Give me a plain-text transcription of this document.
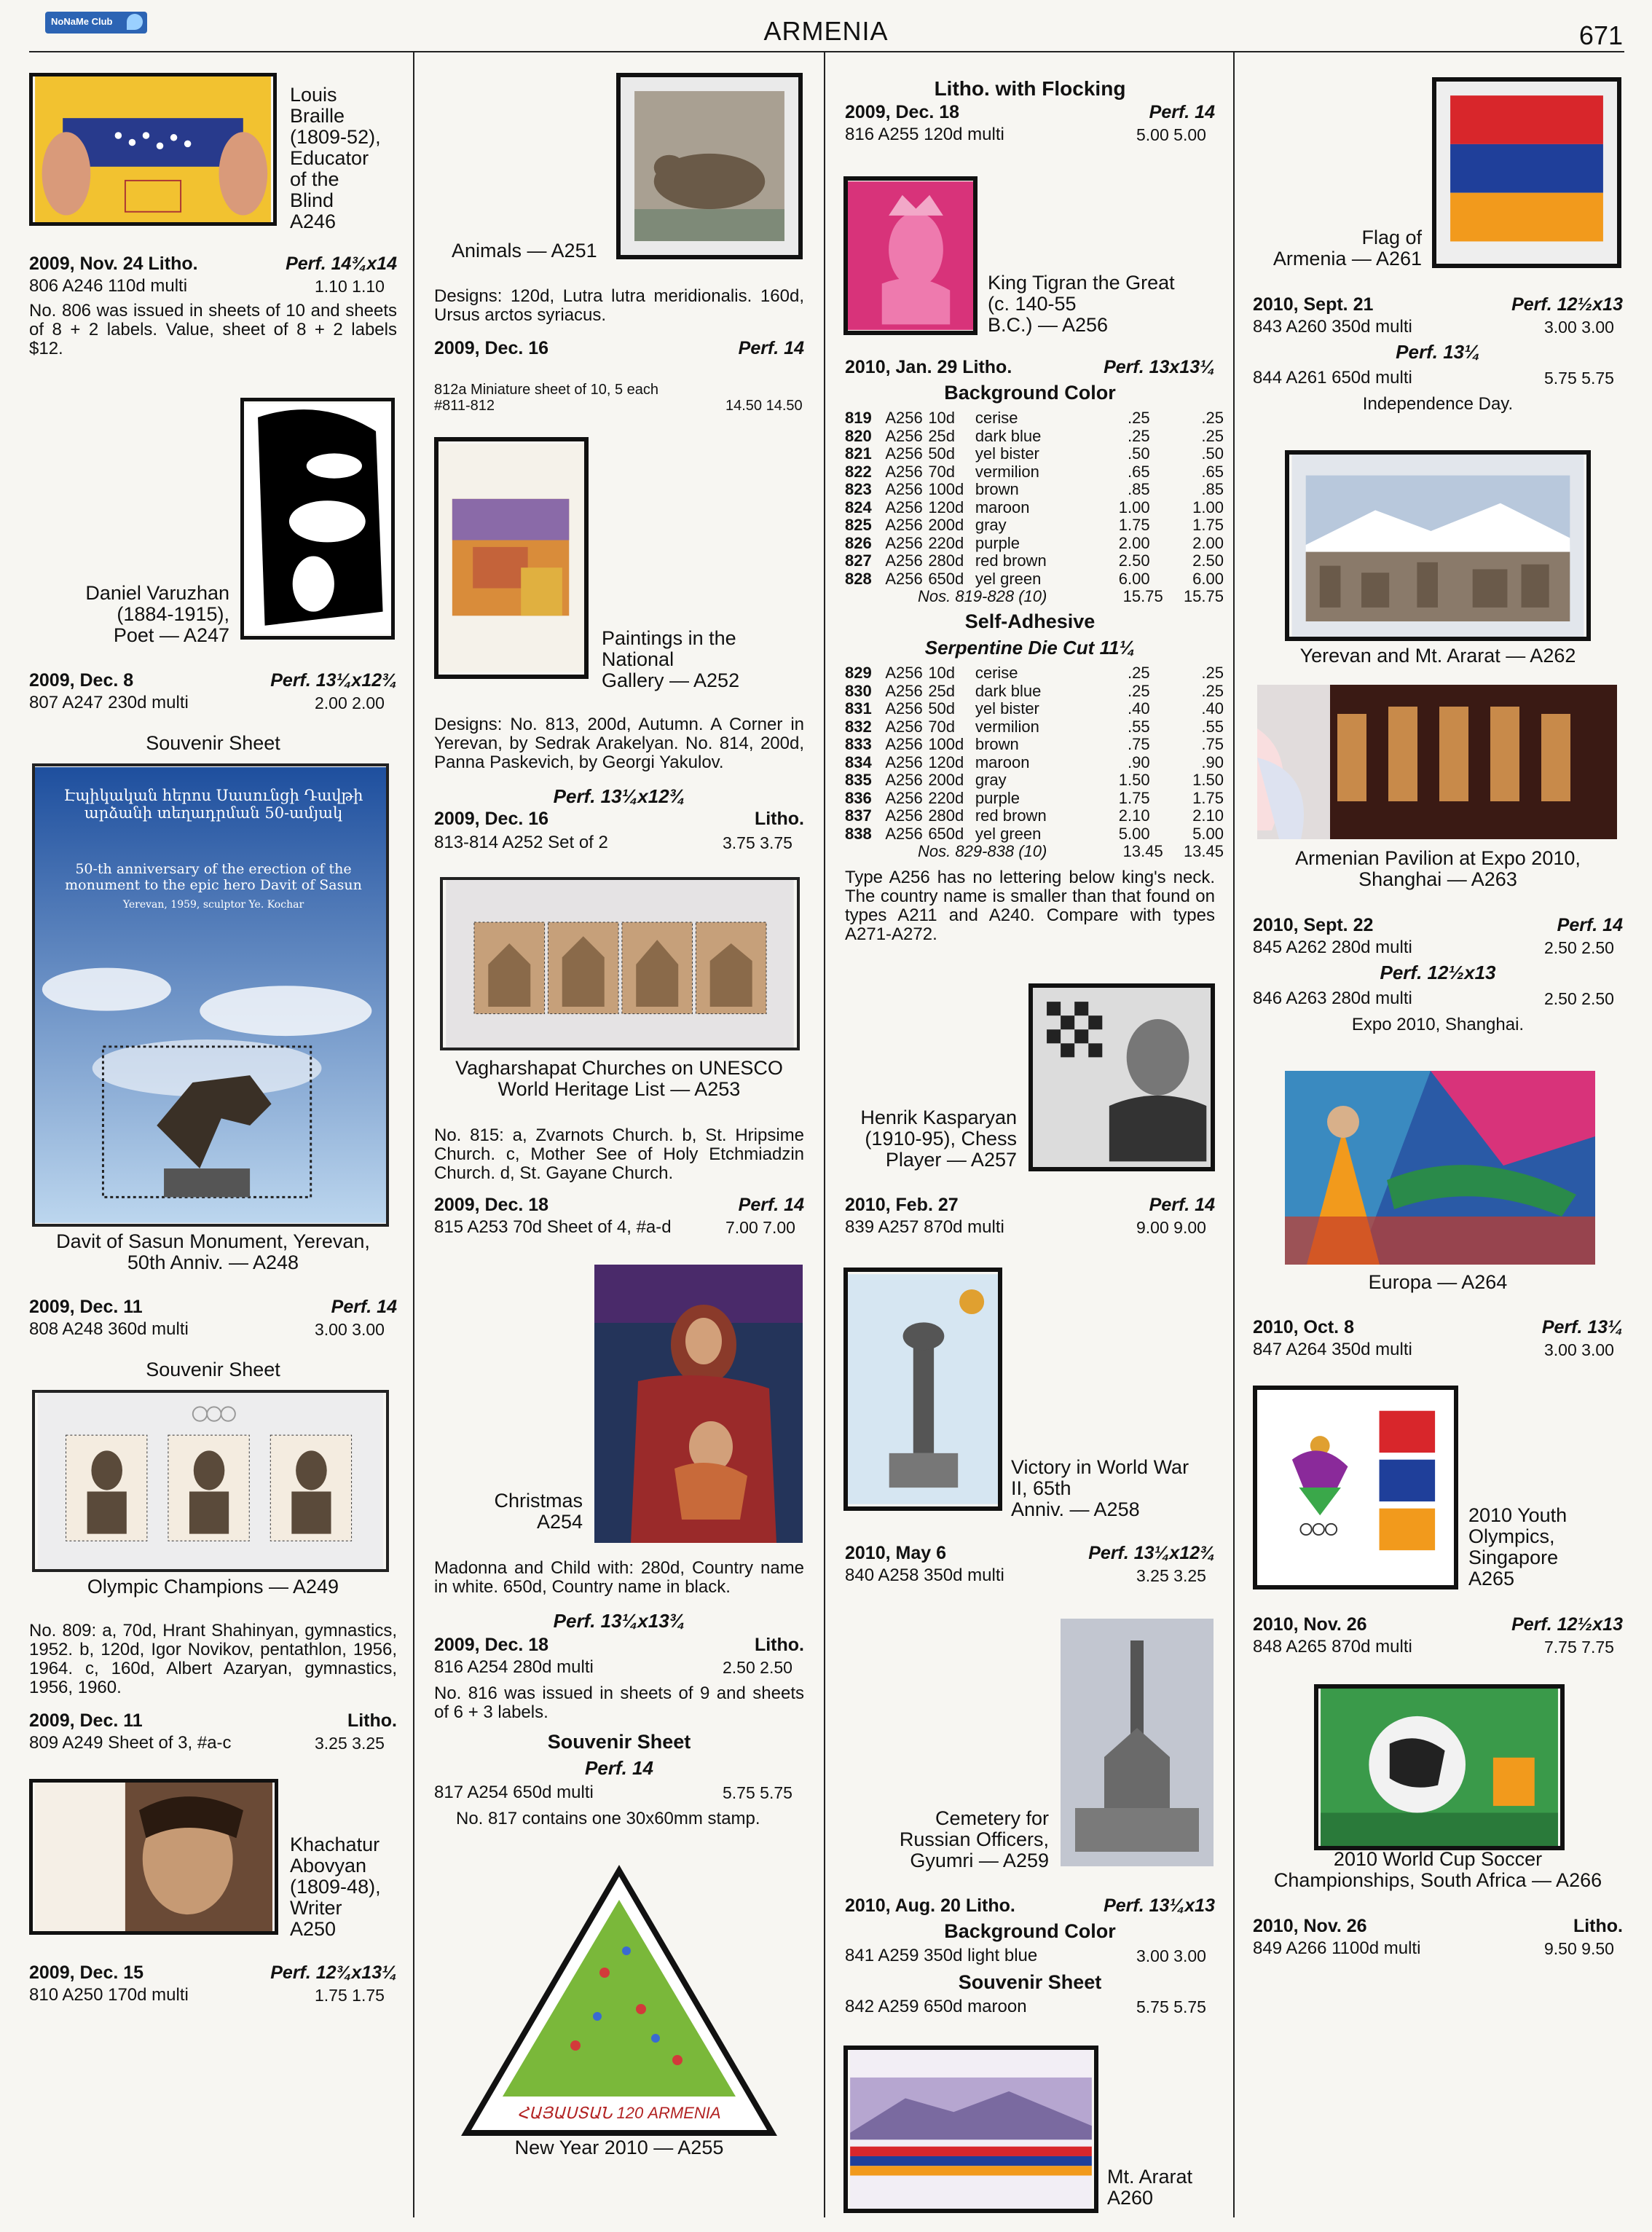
NoNaMe Club	ARMENIA	671
Louis
Braille
(1809-52),
Educator
of the
Blind
A246
2009, Nov. 24 Litho.	Perf. 14¾x14
806 A246 110d multi	1.10 1.10
No. 806 was issued in sheets of 10 and sheets of 8 + 2 labels. Value, sheet of 8 + 2 labels $12.
Daniel Varuzhan
(1884-1915),
Poet — A247
2009, Dec. 8	Perf. 13¼x12¾
807 A247 230d multi	2.00 2.00
Souvenir Sheet
Էպիկական հերոս Սասունցի Դավթի արձանի տեղադրման 50-ամյակ
50-th anniversary of the erection of the monument to the epic hero Davit of Sasun
Yerevan, 1959, sculptor Ye. Kochar
Davit of Sasun Monument, Yerevan,
50th Anniv. — A248
2009, Dec. 11	Perf. 14
808 A248 360d multi	3.00 3.00
Souvenir Sheet
Olympic Champions — A249
No. 809: a, 70d, Hrant Shahinyan, gymnastics, 1952. b, 120d, Igor Novikov, pentathlon, 1956, 1964. c, 160d, Albert Azaryan, gymnastics, 1956, 1960.
2009, Dec. 11	Litho.
809 A249 Sheet of 3, #a-c	3.25 3.25
Khachatur
Abovyan
(1809-48),
Writer
A250
2009, Dec. 15	Perf. 12¾x13¼
810 A250 170d multi	1.75 1.75
Animals — A251
Designs: 120d, Lutra lutra meridionalis. 160d, Ursus arctos syriacus.
2009, Dec. 16	Perf. 14
812a Miniature sheet of 10, 5 each #811-812	14.50 14.50
Paintings in the
National
Gallery — A252
Designs: No. 813, 200d, Autumn. A Corner in Yerevan, by Sedrak Arakelyan. No. 814, 200d, Panna Paskevich, by Georgi Yakulov.
Perf. 13¼x12¾
2009, Dec. 16	Litho.
813-814 A252 Set of 2	3.75 3.75
Vagharshapat Churches on UNESCO
World Heritage List — A253
No. 815: a, Zvarnots Church. b, St. Hripsime Church. c, Mother See of Holy Etchmiadzin Church. d, St. Gayane Church.
2009, Dec. 18	Perf. 14
815 A253 70d Sheet of 4, #a-d	7.00 7.00
Christmas
A254
Madonna and Child with: 280d, Country name in white. 650d, Country name in black.
Perf. 13¼x13¾
2009, Dec. 18	Litho.
816 A254 280d multi	2.50 2.50
No. 816 was issued in sheets of 9 and sheets of 6 + 3 labels.
Souvenir Sheet
Perf. 14
817 A254 650d multi	5.75 5.75
No. 817 contains one 30x60mm stamp.
ՀԱՅԱՍՏԱՆ 120 ARMENIA
New Year 2010 — A255
Litho. with Flocking
2009, Dec. 18	Perf. 14
816 A255 120d multi	5.00 5.00
King Tigran the Great
(c. 140-55
B.C.) — A256
2010, Jan. 29 Litho.	Perf. 13x13¼
Background Color
819 A256 10d	cerise	.25	.25
820 A256 25d	dark blue	.25	.25
821 A256 50d	yel bister	.50	.50
822 A256 70d	vermilion	.65	.65
823 A256 100d brown	.85	.85
824 A256 120d maroon	1.00	1.00
825 A256 200d gray	1.75	1.75
826 A256 220d purple	2.00	2.00
827 A256 280d red brown	2.50	2.50
828 A256 650d yel green	6.00	6.00
Nos. 819-828 (10)	15.75	15.75
Self-Adhesive
Serpentine Die Cut 11¼
829 A256 10d	cerise	.25	.25
830 A256 25d	dark blue	.25	.25
831 A256 50d	yel bister	.40	.40
832 A256 70d	vermilion	.55	.55
833 A256 100d brown	.75	.75
834 A256 120d maroon	.90	.90
835 A256 200d gray	1.50	1.50
836 A256 220d purple	1.75	1.75
837 A256 280d red brown	2.10	2.10
838 A256 650d yel green	5.00	5.00
Nos. 829-838 (10)	13.45	13.45
Type A256 has no lettering below king's neck. The country name is smaller than that found on types A211 and A240. Compare with types A271-A272.
Henrik Kasparyan
(1910-95), Chess
Player — A257
2010, Feb. 27	Perf. 14
839 A257 870d multi	9.00 9.00
Victory in World War
II, 65th
Anniv. — A258
2010, May 6	Perf. 13¼x12¾
840 A258 350d multi	3.25 3.25
Cemetery for
Russian Officers,
Gyumri — A259
2010, Aug. 20 Litho.	Perf. 13¼x13
Background Color
841 A259 350d light blue	3.00 3.00
Souvenir Sheet
842 A259 650d maroon	5.75 5.75
Mt. Ararat
A260
Flag of
Armenia — A261
2010, Sept. 21	Perf. 12½x13
843 A260 350d multi	3.00 3.00
Perf. 13¼
844 A261 650d multi	5.75 5.75
Independence Day.
Yerevan and Mt. Ararat — A262
Armenian Pavilion at Expo 2010,
Shanghai — A263
2010, Sept. 22	Perf. 14
845 A262 280d multi	2.50 2.50
Perf. 12½x13
846 A263 280d multi	2.50 2.50
Expo 2010, Shanghai.
Europa — A264
2010, Oct. 8	Perf. 13¼
847 A264 350d multi	3.00 3.00
2010 Youth
Olympics,
Singapore
A265
2010, Nov. 26	Perf. 12½x13
848 A265 870d multi	7.75 7.75
2010 World Cup Soccer
Championships, South Africa — A266
2010, Nov. 26	Litho.
849 A266 1100d multi	9.50 9.50
